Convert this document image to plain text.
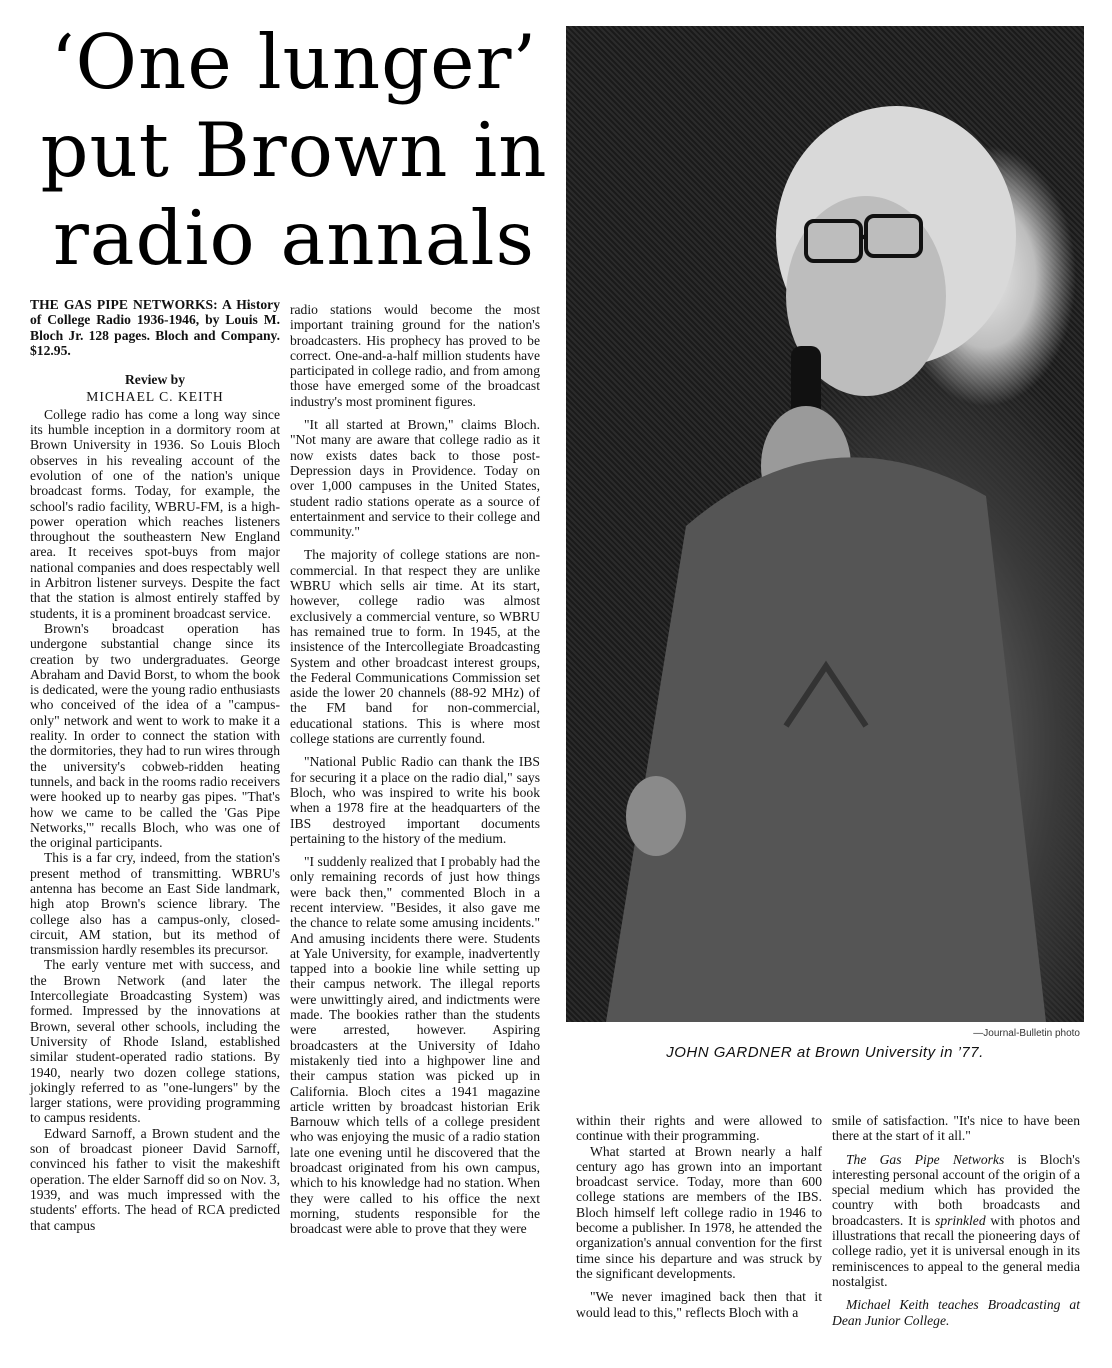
‘One lunger’
put Brown in
radio annals

THE GAS PIPE NETWORKS: A History of College Radio 1936-1946, by Louis M. Bloch Jr. 128 pages. Bloch and Company. $12.95.

Review by
MICHAEL C. KEITH

College radio has come a long way since its humble inception in a dormitory room at Brown University in 1936. So Louis Bloch observes in his revealing account of the evolution of one of the nation's unique broadcast forms. Today, for example, the school's radio facility, WBRU-FM, is a high-power operation which reaches listeners throughout the southeastern New England area. It receives spot-buys from major national companies and does respectably well in Arbitron listener surveys. Despite the fact that the station is almost entirely staffed by students, it is a prominent broadcast service.

Brown's broadcast operation has undergone substantial change since its creation by two undergraduates. George Abraham and David Borst, to whom the book is dedicated, were the young radio enthusiasts who conceived of the idea of a "campus-only" network and went to work to make it a reality. In order to connect the station with the dormitories, they had to run wires through the university's cobweb-ridden heating tunnels, and back in the rooms radio receivers were hooked up to nearby gas pipes. "That's how we came to be called the 'Gas Pipe Networks,'" recalls Bloch, who was one of the original participants.

This is a far cry, indeed, from the station's present method of transmitting. WBRU's antenna has become an East Side landmark, high atop Brown's science library. The college also has a campus-only, closed-circuit, AM station, but its method of transmission hardly resembles its precursor.

The early venture met with success, and the Brown Network (and later the Intercollegiate Broadcasting System) was formed. Impressed by the innovations at Brown, several other schools, including the University of Rhode Island, established similar student-operated radio stations. By 1940, nearly two dozen college stations, jokingly referred to as "one-lungers" by the larger stations, were providing programming to campus residents.

Edward Sarnoff, a Brown student and the son of broadcast pioneer David Sarnoff, convinced his father to visit the makeshift operation. The elder Sarnoff did so on Nov. 3, 1939, and was much impressed with the students' efforts. The head of RCA predicted that campus

radio stations would become the most important training ground for the nation's broadcasters. His prophecy has proved to be correct. One-and-a-half million students have participated in college radio, and from among those have emerged some of the broadcast industry's most prominent figures.

"It all started at Brown," claims Bloch. "Not many are aware that college radio as it now exists dates back to those post-Depression days in Providence. Today on over 1,000 campuses in the United States, student radio stations operate as a source of entertainment and service to their college and community."

The majority of college stations are non-commercial. In that respect they are unlike WBRU which sells air time. At its start, however, college radio was almost exclusively a commercial venture, so WBRU has remained true to form. In 1945, at the insistence of the Intercollegiate Broadcasting System and other broadcast interest groups, the Federal Communications Commission set aside the lower 20 channels (88-92 MHz) of the FM band for non-commercial, educational stations. This is where most college stations are currently found.

"National Public Radio can thank the IBS for securing it a place on the radio dial," says Bloch, who was inspired to write his book when a 1978 fire at the headquarters of the IBS destroyed important documents pertaining to the history of the medium.

"I suddenly realized that I probably had the only remaining records of just how things were back then," commented Bloch in a recent interview. "Besides, it also gave me the chance to relate some amusing incidents." And amusing incidents there were. Students at Yale University, for example, inadvertently tapped into a bookie line while setting up their campus network. The illegal reports were unwittingly aired, and indictments were made. The bookies rather than the students were arrested, however. Aspiring broadcasters at the University of Idaho mistakenly tied into a highpower line and their campus station was picked up in California. Bloch cites a 1941 magazine article written by broadcast historian Erik Barnouw which tells of a college president who was enjoying the music of a radio station late one evening until he discovered that the broadcast originated from his own campus, which to his knowledge had no station. When they were called to his office the next morning, students responsible for the broadcast were able to prove that they were

—Journal-Bulletin photo
JOHN GARDNER at Brown University in ’77.

within their rights and were allowed to continue with their programming.

What started at Brown nearly a half century ago has grown into an important broadcast service. Today, more than 600 college stations are members of the IBS. Bloch himself left college radio in 1946 to become a publisher. In 1978, he attended the organization's annual convention for the first time since his departure and was struck by the significant developments.

"We never imagined back then that it would lead to this," reflects Bloch with a

smile of satisfaction. "It's nice to have been there at the start of it all."

The Gas Pipe Networks is Bloch's interesting personal account of the origin of a special medium which has provided the country with both broadcasts and broadcasters. It is sprinkled with photos and illustrations that recall the pioneering days of college radio, yet it is universal enough in its reminiscences to appeal to the general media nostalgist.

Michael Keith teaches Broadcasting at Dean Junior College.
